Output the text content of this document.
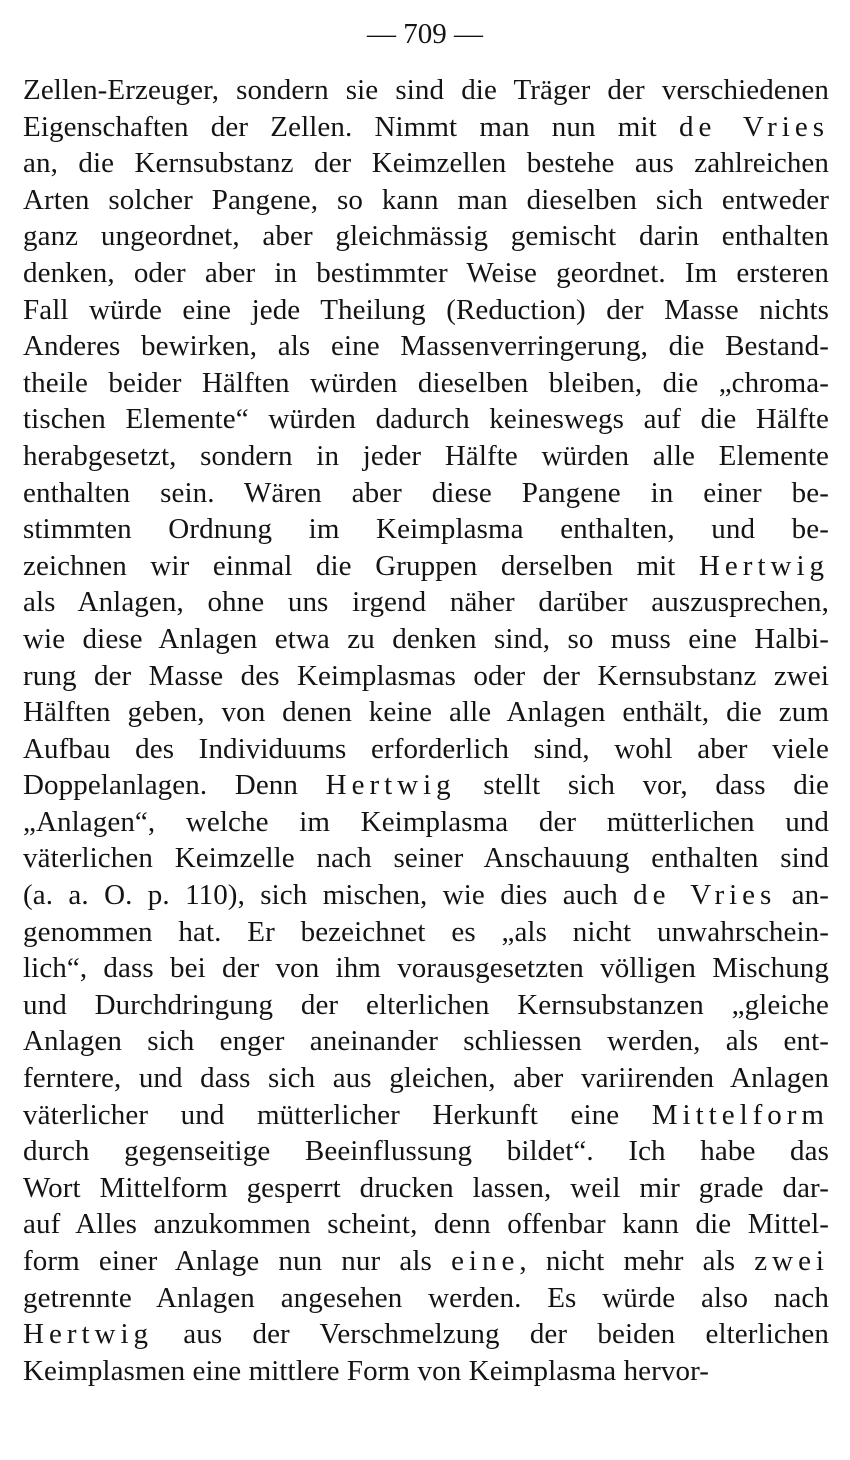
— 709 —
Zellen-Erzeuger, sondern sie sind die Träger der verschiedenen
Eigenschaften der Zellen. Nimmt man nun mit de Vries
an, die Kernsubstanz der Keimzellen bestehe aus zahlreichen
Arten solcher Pangene, so kann man dieselben sich entweder
ganz ungeordnet, aber gleichmässig gemischt darin enthalten
denken, oder aber in bestimmter Weise geordnet. Im ersteren
Fall würde eine jede Theilung (Reduction) der Masse nichts
Anderes bewirken, als eine Massenverringerung, die Bestand-
theile beider Hälften würden dieselben bleiben, die „chroma-
tischen Elemente“ würden dadurch keineswegs auf die Hälfte
herabgesetzt, sondern in jeder Hälfte würden alle Elemente
enthalten sein. Wären aber diese Pangene in einer be-
stimmten Ordnung im Keimplasma enthalten, und be-
zeichnen wir einmal die Gruppen derselben mit Hertwig
als Anlagen, ohne uns irgend näher darüber auszusprechen,
wie diese Anlagen etwa zu denken sind, so muss eine Halbi-
rung der Masse des Keimplasmas oder der Kernsubstanz zwei
Hälften geben, von denen keine alle Anlagen enthält, die zum
Aufbau des Individuums erforderlich sind, wohl aber viele
Doppelanlagen. Denn Hertwig stellt sich vor, dass die
„Anlagen“, welche im Keimplasma der mütterlichen und
väterlichen Keimzelle nach seiner Anschauung enthalten sind
(a. a. O. p. 110), sich mischen, wie dies auch de Vries an-
genommen hat. Er bezeichnet es „als nicht unwahrschein-
lich“, dass bei der von ihm vorausgesetzten völligen Mischung
und Durchdringung der elterlichen Kernsubstanzen „gleiche
Anlagen sich enger aneinander schliessen werden, als ent-
ferntere, und dass sich aus gleichen, aber variirenden Anlagen
väterlicher und mütterlicher Herkunft eine Mittelform
durch gegenseitige Beeinflussung bildet“. Ich habe das
Wort Mittelform gesperrt drucken lassen, weil mir grade dar-
auf Alles anzukommen scheint, denn offenbar kann die Mittel-
form einer Anlage nun nur als eine, nicht mehr als zwei
getrennte Anlagen angesehen werden. Es würde also nach
Hertwig aus der Verschmelzung der beiden elterlichen
Keimplasmen eine mittlere Form von Keimplasma hervor-
